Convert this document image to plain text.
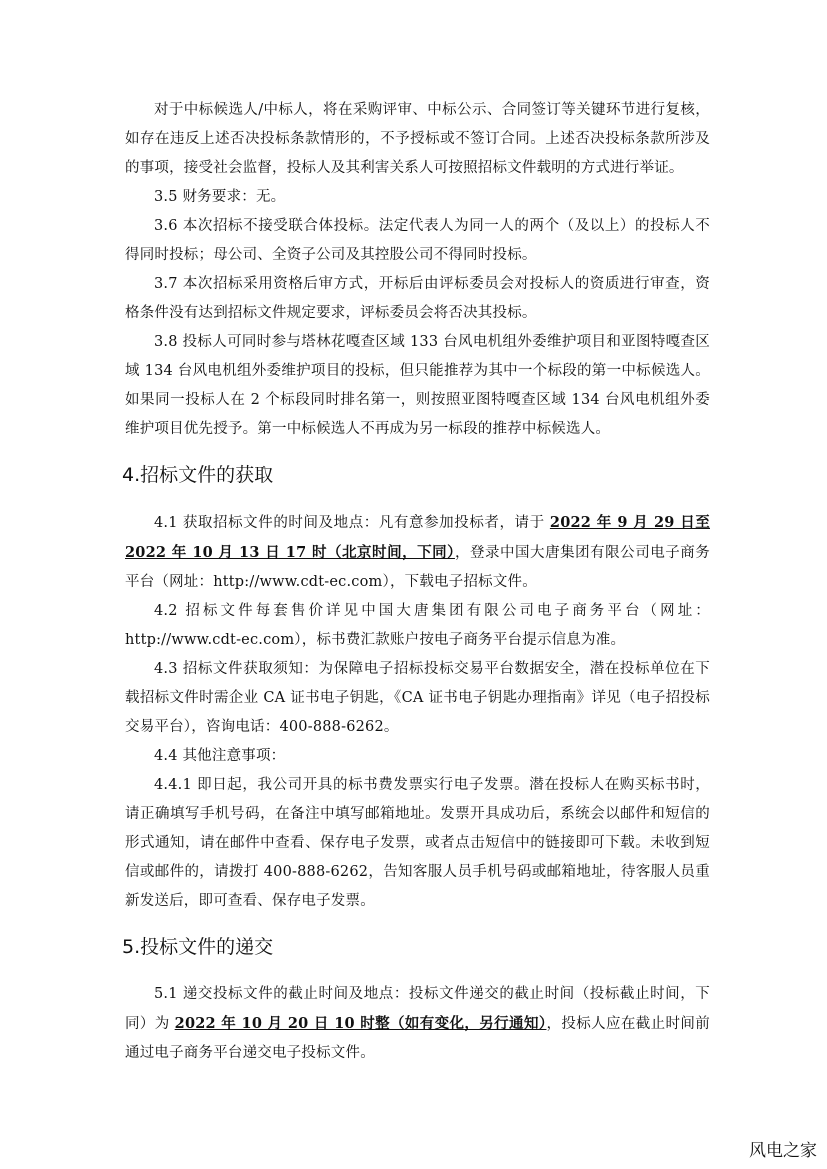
对于中标候选人/中标人，将在采购评审、中标公示、合同签订等关键环节进行复核，如存在违反上述否决投标条款情形的，不予授标或不签订合同。上述否决投标条款所涉及的事项，接受社会监督，投标人及其利害关系人可按照招标文件载明的方式进行举证。

3.5 财务要求：无。

3.6 本次招标不接受联合体投标。法定代表人为同一人的两个（及以上）的投标人不得同时投标；母公司、全资子公司及其控股公司不得同时投标。

3.7 本次招标采用资格后审方式，开标后由评标委员会对投标人的资质进行审查，资格条件没有达到招标文件规定要求，评标委员会将否决其投标。

3.8 投标人可同时参与塔林花嘎查区域 133 台风电机组外委维护项目和亚图特嘎查区域 134 台风电机组外委维护项目的投标，但只能推荐为其中一个标段的第一中标候选人。如果同一投标人在 2 个标段同时排名第一，则按照亚图特嘎查区域 134 台风电机组外委维护项目优先授予。第一中标候选人不再成为另一标段的推荐中标候选人。

4.招标文件的获取

4.1 获取招标文件的时间及地点：凡有意参加投标者，请于 2022 年 9 月 29 日至 2022 年 10 月 13 日 17 时（北京时间，下同），登录中国大唐集团有限公司电子商务平台（网址：http://www.cdt-ec.com），下载电子招标文件。

4.2 招标文件每套售价详见中国大唐集团有限公司电子商务平台（网址：http://www.cdt-ec.com），标书费汇款账户按电子商务平台提示信息为准。

4.3 招标文件获取须知：为保障电子招标投标交易平台数据安全，潜在投标单位在下载招标文件时需企业 CA 证书电子钥匙，《CA 证书电子钥匙办理指南》详见（电子招投标交易平台），咨询电话：400-888-6262。

4.4 其他注意事项：

4.4.1 即日起，我公司开具的标书费发票实行电子发票。潜在投标人在购买标书时，请正确填写手机号码，在备注中填写邮箱地址。发票开具成功后，系统会以邮件和短信的形式通知，请在邮件中查看、保存电子发票，或者点击短信中的链接即可下载。未收到短信或邮件的，请拨打 400-888-6262，告知客服人员手机号码或邮箱地址，待客服人员重新发送后，即可查看、保存电子发票。

5.投标文件的递交

5.1 递交投标文件的截止时间及地点：投标文件递交的截止时间（投标截止时间，下同）为 2022 年 10 月 20 日 10 时整（如有变化，另行通知），投标人应在截止时间前通过电子商务平台递交电子投标文件。

风电之家
